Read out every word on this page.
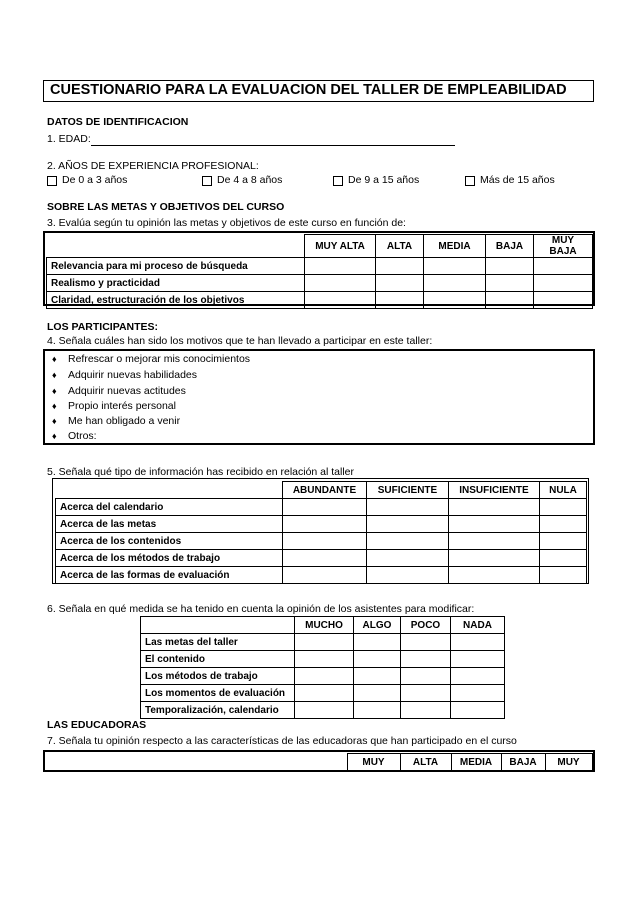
CUESTIONARIO PARA LA EVALUACION DEL TALLER DE EMPLEABILIDAD
DATOS DE IDENTIFICACION
1. EDAD:
2. AÑOS DE EXPERIENCIA PROFESIONAL:
De 0 a 3 años	De 4 a 8 años	De 9 a 15 años	Más de 15 años
SOBRE LAS METAS Y OBJETIVOS DEL CURSO
3. Evalúa según tu opinión las metas y objetivos de este curso en función de:
	MUY ALTA	ALTA	MEDIA	BAJA	MUY BAJA
Relevancia para mi proceso de búsqueda					
Realismo y practicidad					
Claridad, estructuración de los objetivos					
LOS PARTICIPANTES:
4. Señala cuáles han sido los motivos que te han llevado a participar en este taller:
♦ Refrescar o mejorar mis conocimientos
♦ Adquirir nuevas habilidades
♦ Adquirir nuevas actitudes
♦ Propio interés personal
♦ Me han obligado a venir
♦ Otros:
5. Señala qué tipo de información has recibido en relación al taller
	ABUNDANTE	SUFICIENTE	INSUFICIENTE	NULA
Acerca del calendario				
Acerca de las metas				
Acerca de los contenidos				
Acerca de los métodos de trabajo				
Acerca de las formas de evaluación				
6. Señala en qué medida se ha tenido en cuenta la opinión de los asistentes para modificar:
	MUCHO	ALGO	POCO	NADA
Las metas del taller				
El contenido				
Los métodos de trabajo				
Los momentos de evaluación				
Temporalización, calendario				
LAS EDUCADORAS
7. Señala tu opinión respecto a las características de las educadoras que han participado en el curso
	MUY	ALTA	MEDIA	BAJA	MUY
